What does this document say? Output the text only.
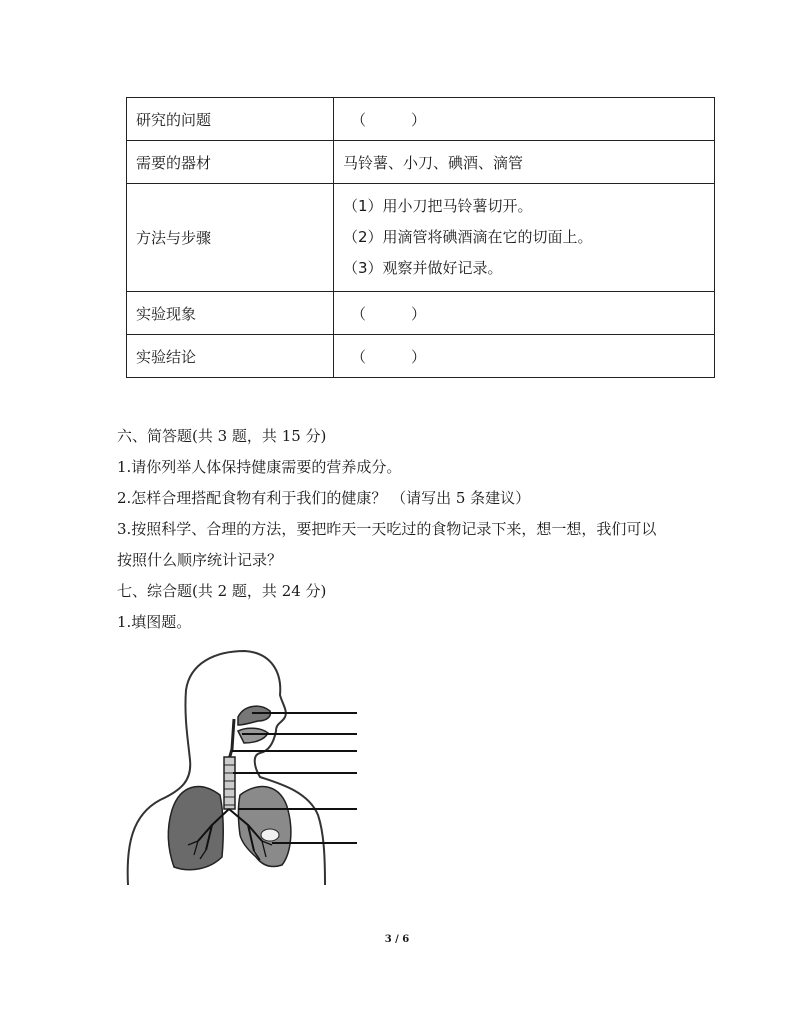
研究的问题	（　　　）
需要的器材	马铃薯、小刀、碘酒、滴管
方法与步骤	（1）用小刀把马铃薯切开。
（2）用滴管将碘酒滴在它的切面上。
（3）观察并做好记录。

实验现象	（　　　）
实验结论	（　　　）
六、简答题(共 3 题，共 15 分)
1.请你列举人体保持健康需要的营养成分。
2.怎样合理搭配食物有利于我们的健康？ （请写出 5 条建议）
3.按照科学、合理的方法，要把昨天一天吃过的食物记录下来，想一想，我们可以
按照什么顺序统计记录？
七、综合题(共 2 题，共 24 分)
1.填图题。
3 / 6
